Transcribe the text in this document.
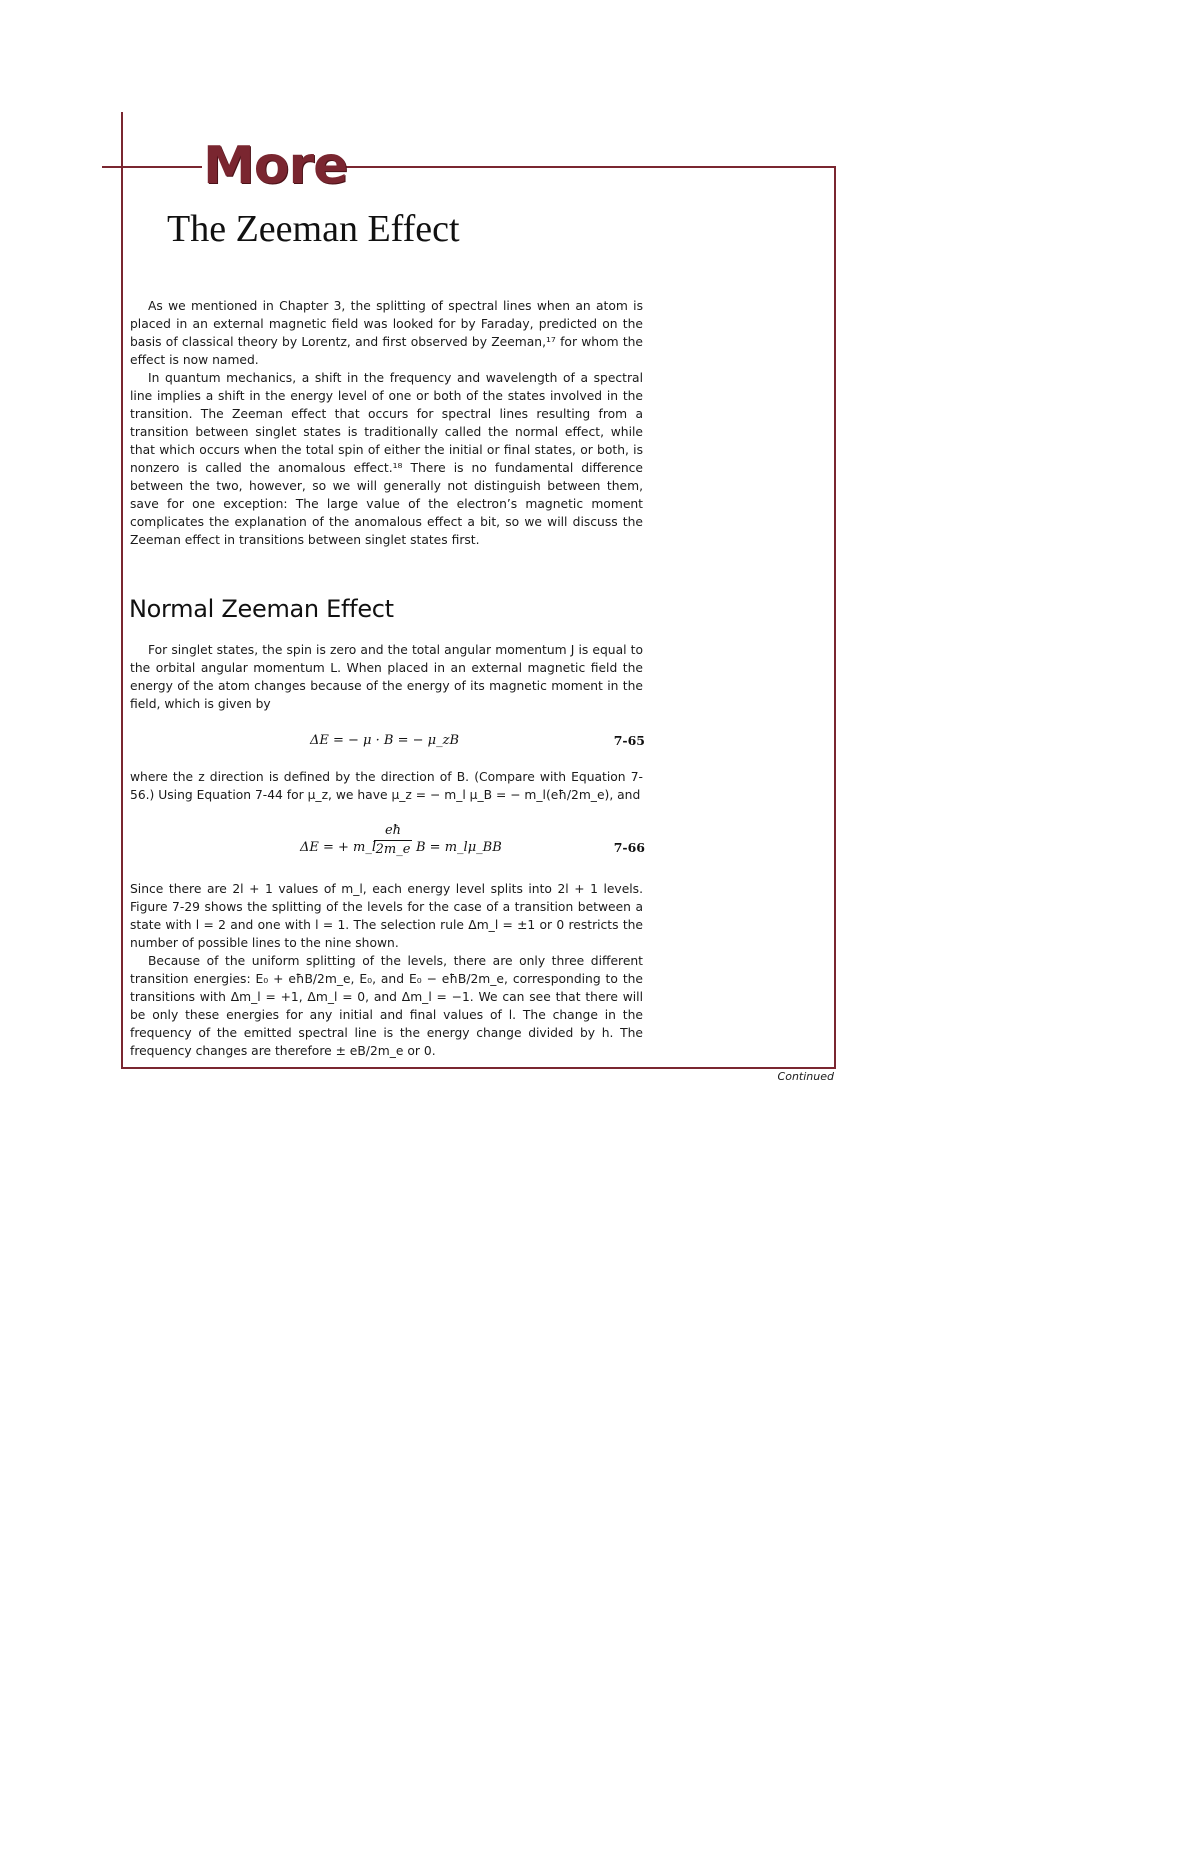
More
The Zeeman Effect

As we mentioned in Chapter 3, the splitting of spectral lines when an atom is placed in an external magnetic field was looked for by Faraday, predicted on the basis of classical theory by Lorentz, and first observed by Zeeman,¹⁷ for whom the effect is now named.

In quantum mechanics, a shift in the frequency and wavelength of a spectral line implies a shift in the energy level of one or both of the states involved in the transition. The Zeeman effect that occurs for spectral lines resulting from a transition between singlet states is traditionally called the normal effect, while that which occurs when the total spin of either the initial or final states, or both, is nonzero is called the anomalous effect.¹⁸ There is no fundamental difference between the two, however, so we will generally not distinguish between them, save for one exception: The large value of the electron’s magnetic moment complicates the explanation of the anomalous effect a bit, so we will discuss the Zeeman effect in transitions between singlet states first.

Normal Zeeman Effect

For singlet states, the spin is zero and the total angular momentum J is equal to the orbital angular momentum L. When placed in an external magnetic field the energy of the atom changes because of the energy of its magnetic moment in the field, which is given by

ΔE = − μ · B = − μ_zB	7-65

where the z direction is defined by the direction of B. (Compare with Equation 7-56.) Using Equation 7-44 for μ_z, we have μ_z = − m_l μ_B = − m_l(eħ/2m_e), and

ΔE = + m_l
$\frac{eħ}{2m\_e}$ B = m_lμ_BB	7-66

Since there are 2l + 1 values of m_l, each energy level splits into 2l + 1 levels. Figure 7-29 shows the splitting of the levels for the case of a transition between a state with l = 2 and one with l = 1. The selection rule Δm_l = ±1 or 0 restricts the number of possible lines to the nine shown.

Because of the uniform splitting of the levels, there are only three different transition energies: E₀ + eħB/2m_e, E₀, and E₀ − eħB/2m_e, corresponding to the transitions with Δm_l = +1, Δm_l = 0, and Δm_l = −1. We can see that there will be only these energies for any initial and final values of l. The change in the frequency of the emitted spectral line is the energy change divided by h. The frequency changes are therefore ± eB/2m_e or 0.

Continued
